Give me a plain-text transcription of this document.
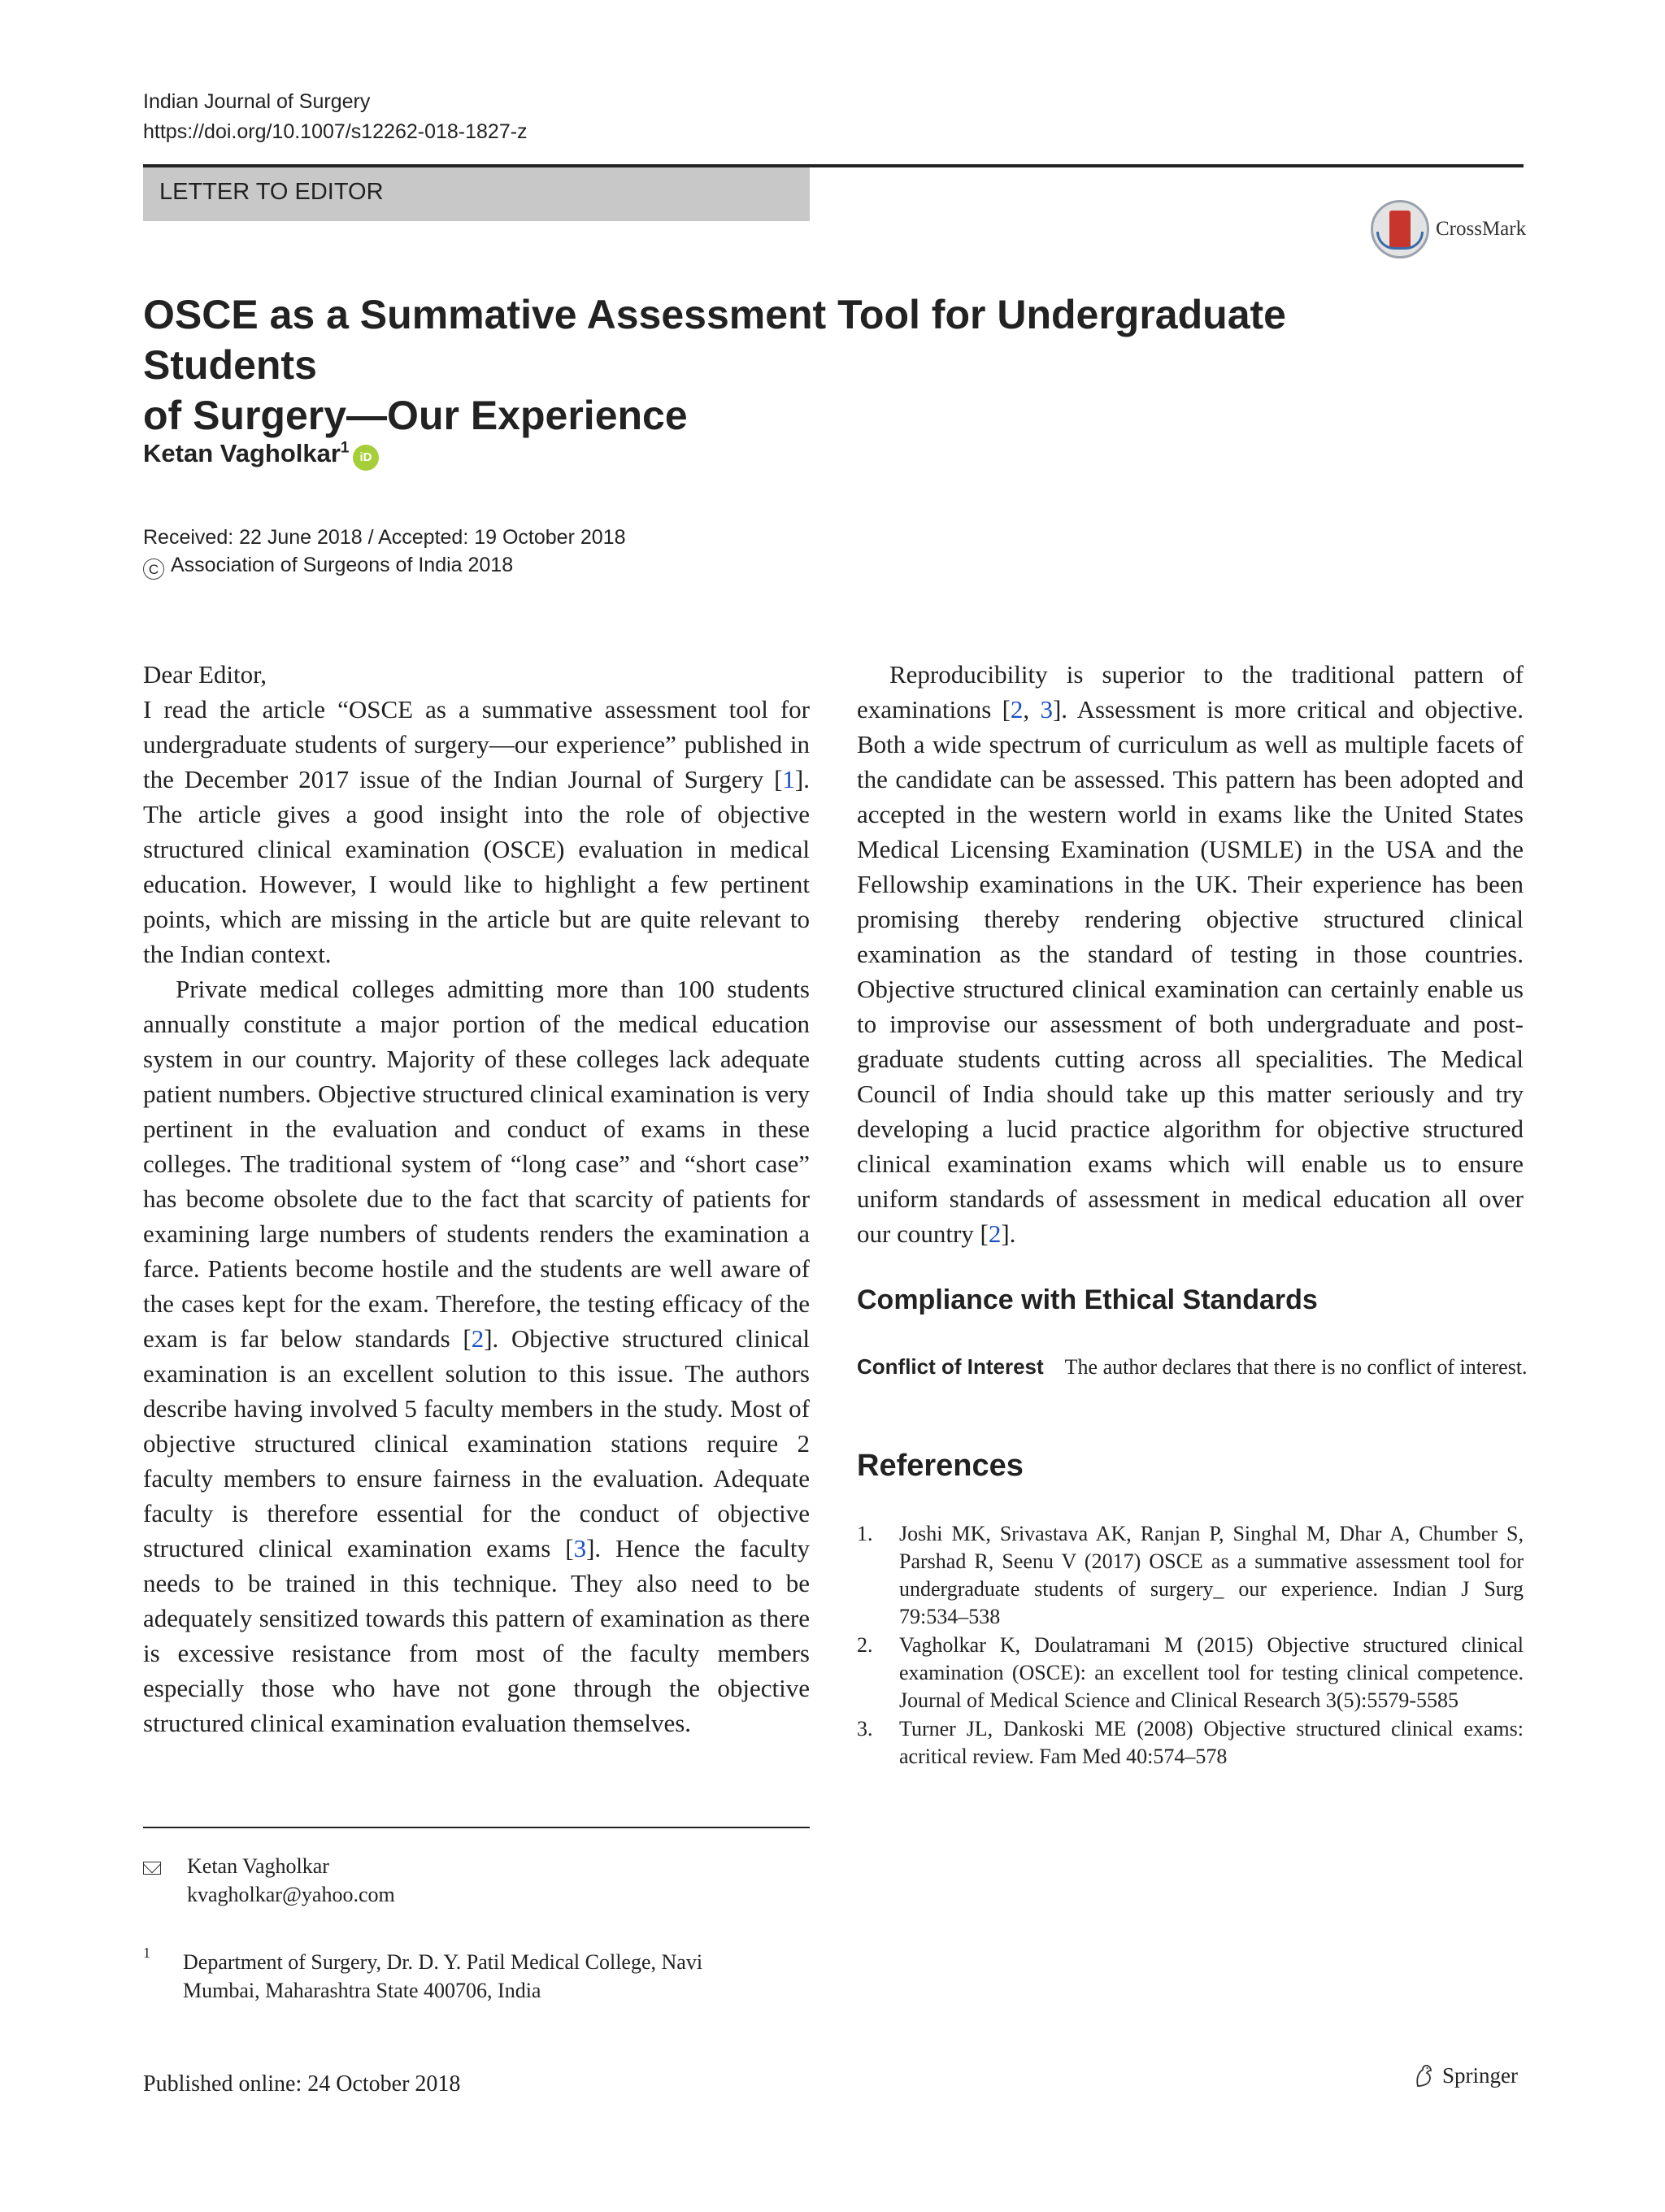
Indian Journal of Surgery
https://doi.org/10.1007/s12262-018-1827-z
LETTER TO EDITOR
CrossMark
OSCE as a Summative Assessment Tool for Undergraduate Students
of Surgery—Our Experience
Ketan Vagholkar$^1$
iD
Received: 22 June 2018 / Accepted: 19 October 2018
C Association of Surgeons of India 2018

Dear Editor,

I read the article “OSCE as a summative assessment tool for undergraduate students of surgery—our experience” published in the December 2017 issue of the Indian Journal of Surgery [1]. The article gives a good insight into the role of objective structured clinical examination (OSCE) evaluation in medical education. However, I would like to highlight a few pertinent points, which are missing in the article but are quite relevant to the Indian context.

Private medical colleges admitting more than 100 students annually constitute a major portion of the medical education system in our country. Majority of these colleges lack adequate patient numbers. Objective structured clinical examination is very pertinent in the evaluation and conduct of exams in these colleges. The traditional system of “long case” and “short case” has become obsolete due to the fact that scarcity of patients for examining large numbers of students renders the examination a farce. Patients become hostile and the students are well aware of the cases kept for the exam. Therefore, the testing efficacy of the exam is far below standards [2]. Objective structured clinical examination is an excellent solution to this issue. The authors describe having involved 5 faculty members in the study. Most of objective structured clinical examination stations require 2 faculty members to ensure fairness in the evaluation. Adequate faculty is therefore essential for the conduct of objective structured clinical examination exams [3]. Hence the faculty needs to be trained in this technique. They also need to be adequately sensitized towards this pattern of examination as there is excessive resistance from most of the faculty members especially those who have not gone through the objective structured clinical examination evaluation themselves.

Reproducibility is superior to the traditional pattern of examinations [2, 3]. Assessment is more critical and objective. Both a wide spectrum of curriculum as well as multiple facets of the candidate can be assessed. This pattern has been adopted and accepted in the western world in exams like the United States Medical Licensing Examination (USMLE) in the USA and the Fellowship examinations in the UK. Their experience has been promising thereby rendering objective structured clinical examination as the standard of testing in those countries. Objective structured clinical examination can certainly enable us to improvise our assessment of both undergraduate and post-graduate students cutting across all specialities. The Medical Council of India should take up this matter seriously and try developing a lucid practice algorithm for objective structured clinical examination exams which will enable us to ensure uniform standards of assessment in medical education all over our country [2].

Compliance with Ethical Standards
Conflict of Interest The author declares that there is no conflict of interest.
References
1. Joshi MK, Srivastava AK, Ranjan P, Singhal M, Dhar A, Chumber S, Parshad R, Seenu V (2017) OSCE as a summative assessment tool for undergraduate students of surgery_ our experience. Indian J Surg 79:534–538
2. Vagholkar K, Doulatramani M (2015) Objective structured clinical examination (OSCE): an excellent tool for testing clinical competence. Journal of Medical Science and Clinical Research 3(5):5579-5585
3. Turner JL, Dankoski ME (2008) Objective structured clinical exams: acritical review. Fam Med 40:574–578
Ketan Vagholkar
kvagholkar@yahoo.com
1 Department of Surgery, Dr. D. Y. Patil Medical College, Navi Mumbai, Maharashtra State 400706, India
Published online: 24 October 2018	Springer
